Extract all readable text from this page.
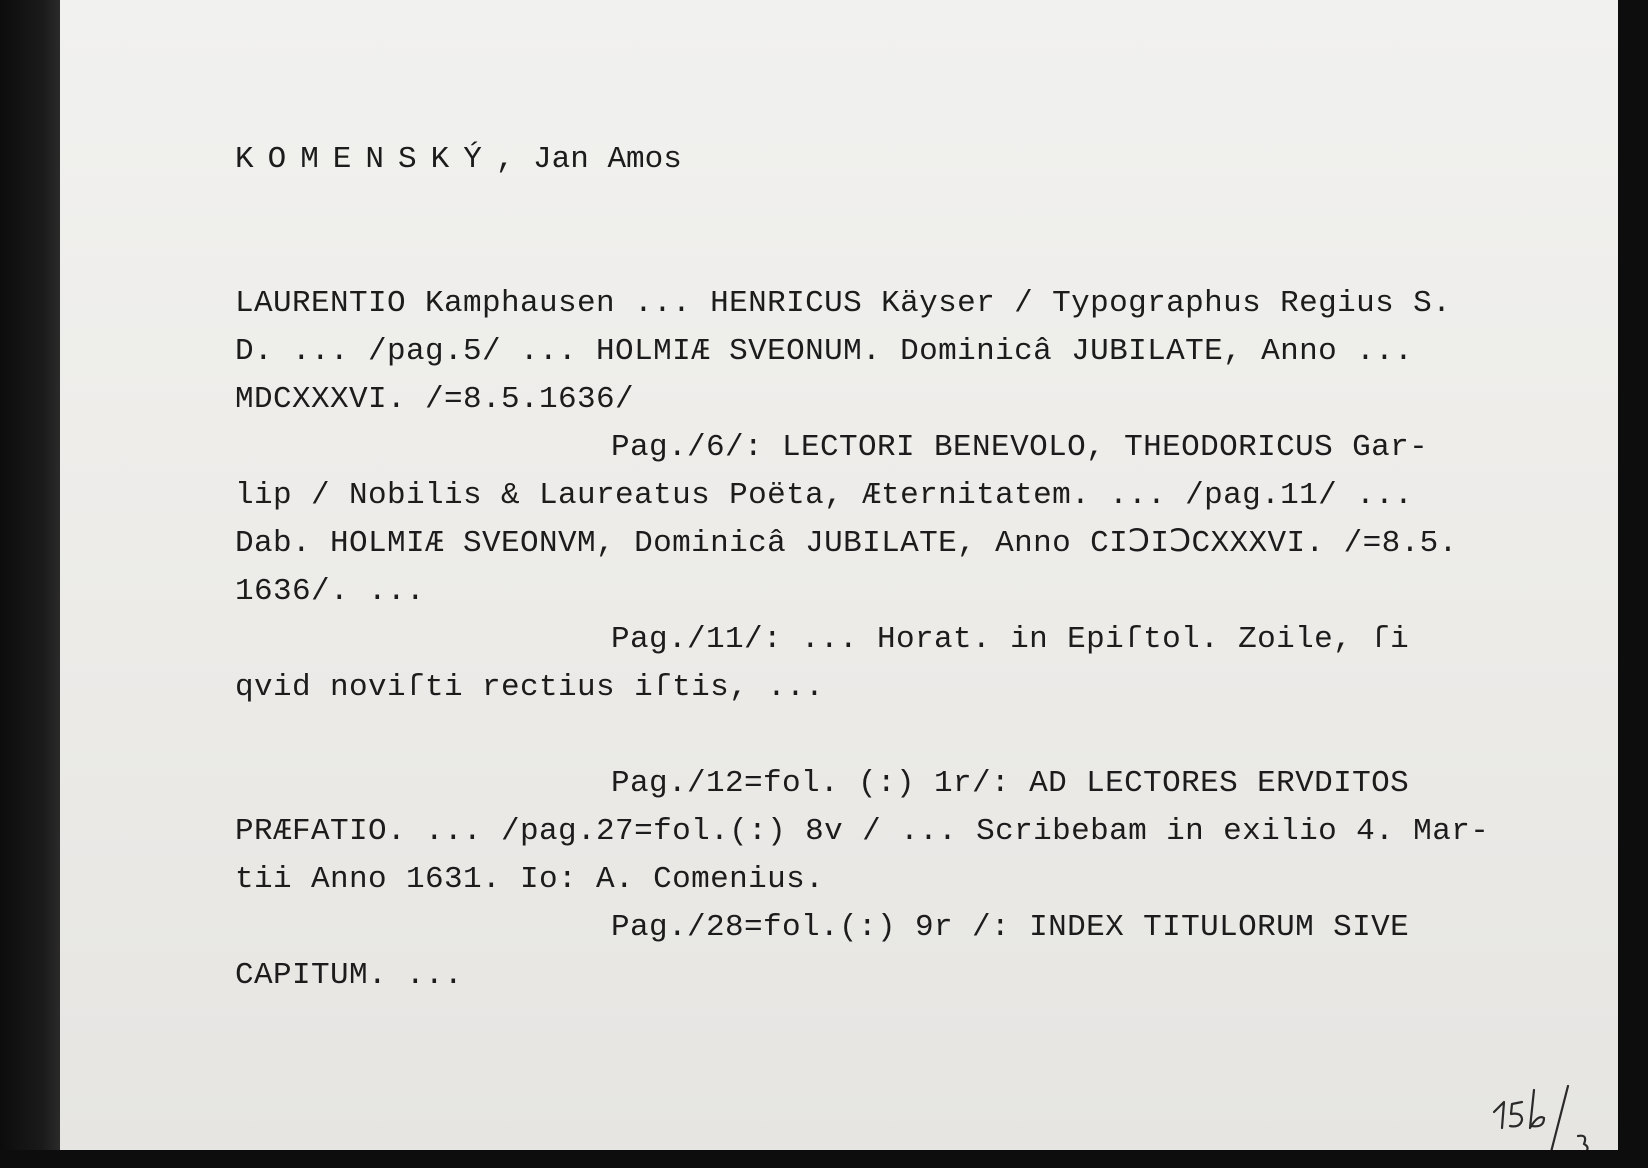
KOMENSKÝ, Jan Amos
LAURENTIO Kamphausen ... HENRICUS Käyser / Typographus Regius S.
D. ... /pag.5/ ... HOLMIÆ SVEONUM. Dominicâ JUBILATE, Anno ...
MDCXXXVI. /=8.5.1636/
Pag./6/: LECTORI BENEVOLO, THEODORICUS Gar-
lip / Nobilis & Laureatus Poëta, Æternitatem. ... /pag.11/ ...
Dab. HOLMIÆ SVEONVM, Dominicâ JUBILATE, Anno CIↃIↃCXXXVI. /=8.5.
1636/. ...
Pag./11/: ... Horat. in Epiſtol. Zoile, ſi
qvid noviſti rectius iſtis, ...
Pag./12=fol. (:) 1r/: AD LECTORES ERVDITOS
PRÆFATIO. ... /pag.27=fol.(:) 8v / ... Scribebam in exilio 4. Mar-
tii Anno 1631. Io: A. Comenius.
Pag./28=fol.(:) 9r /: INDEX TITULORUM SIVE
CAPITUM. ...
